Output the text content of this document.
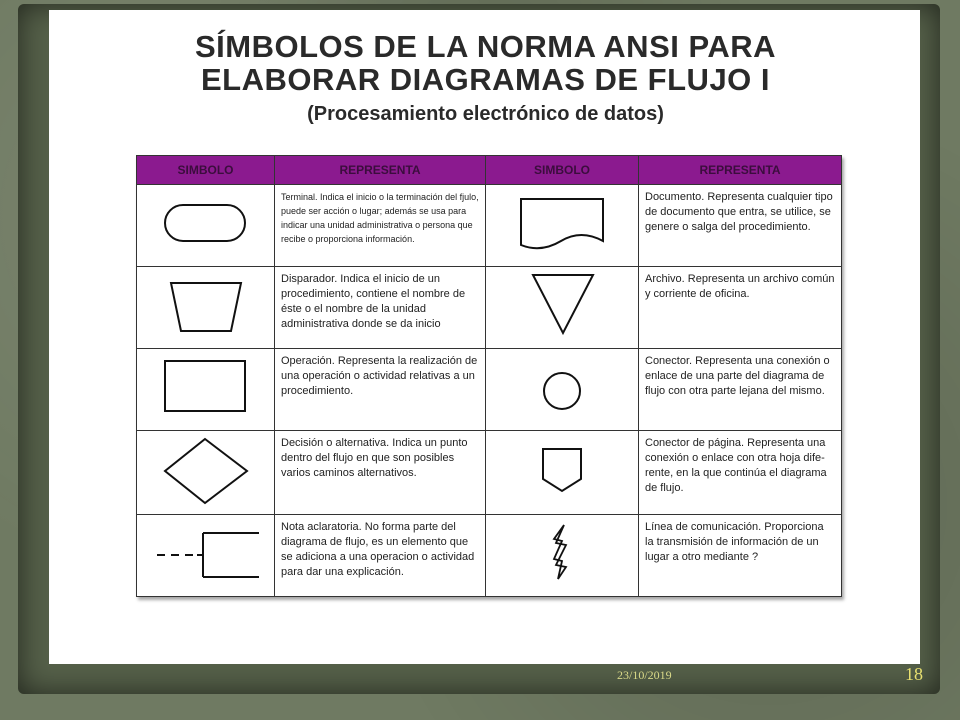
SÍMBOLOS DE LA NORMA ANSI PARA
ELABORAR DIAGRAMAS DE FLUJO I
(Procesamiento electrónico de datos)
SIMBOLO	REPRESENTA	SIMBOLO	REPRESENTA
	Terminal. Indica el inicio o la terminación del fjulo, puede ser acción o lugar; además se usa para indicar una unidad administrativa o persona que recibe o proporciona información.		Documento. Representa cualquier tipo de documento que entra, se utilice, se genere o salga del procedimiento.
	Disparador. Indica el inicio de un procedimiento, contiene el nombre de éste o el nombre de la unidad administrativa donde se da inicio		Archivo. Representa un archivo común y corriente de oficina.
	Operación. Representa la realización de una operación o actividad relativas a un procedimiento.		Conector. Representa una conexión o enlace de una parte del diagrama de flujo con otra parte lejana del mismo.
	Decisión o alternativa. Indica un punto dentro del flujo en que son posibles varios caminos alternativos.		Conector de página. Representa una conexión o enlace con otra hoja dife-rente, en la que continúa el diagrama de flujo.
	Nota aclaratoria. No forma parte del diagrama de flujo, es un elemento que se adiciona a una operacion o actividad para dar una explicación.		Línea de comunicación. Proporciona la transmisión de información de un lugar a otro mediante ?
23/10/2019	18
